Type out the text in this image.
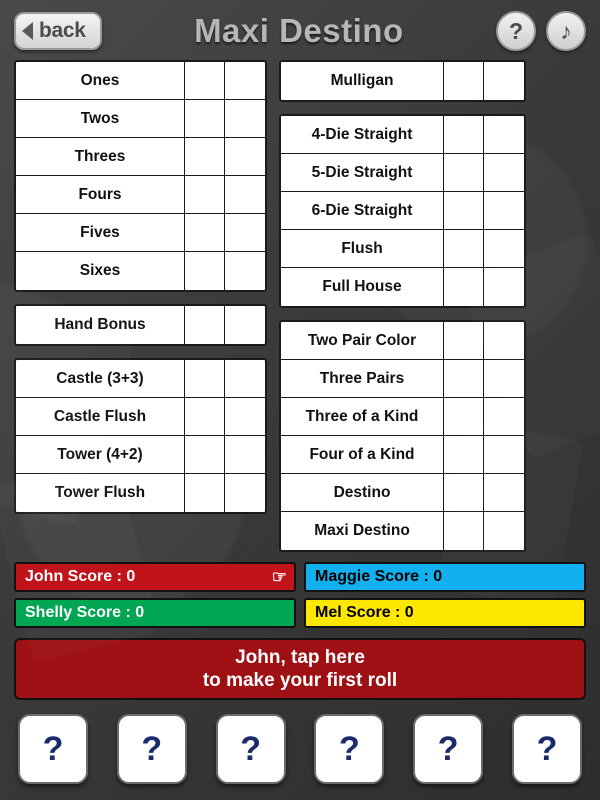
back	Maxi Destino	?	♪
Ones
Twos
Threes
Fours
Fives
Sixes
Hand Bonus
Castle (3+3)
Castle Flush
Tower (4+2)
Tower Flush
Mulligan
4-Die Straight
5-Die Straight
6-Die Straight
Flush
Full House
Two Pair Color
Three Pairs
Three of a Kind
Four of a Kind
Destino
Maxi Destino
John Score : 0	☞ Maggie Score : 0
Shelly Score : 0	Mel Score : 0
John, tap here
to make your first roll
?	?	?	?	?	?
